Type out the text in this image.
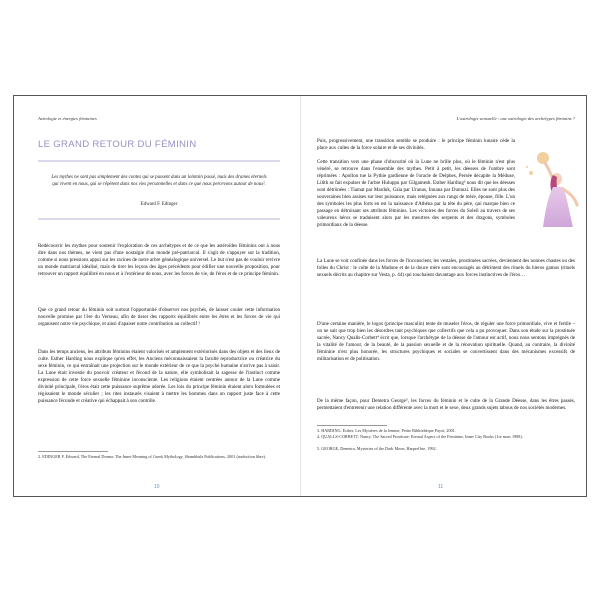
Astrologie et énergies féminines
LE GRAND RETOUR DU FÉMININ
Les mythes ne sont pas simplement des contes qui se passent dans un lointain passé, mais des drames éternels qui vivent en nous, qui se répètent dans nos vies personnelles et dans ce que nous percevons autour de nous².
Edward F. Edinger

Redécouvrir les mythes pour soutenir l'exploration de ces archétypes et de ce que les astéroïdes féminins ont à nous dire dans nos thèmes, ne vient pas d'une nostalgie d'un monde pré-patriarcal. Il s'agit de s'appuyer sur la tradition, comme si nous pressions appui sur les racines de notre arbre généalogique universel. Le but n'est pas de vouloir revivre un monde matriarcal idéalisé, mais de tirer les leçons des âges précédents pour édifier une nouvelle proposition, pour retrouver un rapport équilibré en nous et à l'extérieur de nous, avec les forces de vie, de l'éros et de ce principe féminin.

Que ce grand retour du féminin soit surtout l'opportunité d'observer nos psychés, de laisser couler cette information nouvelle promise par l'ère du Verseau, afin de tisser des rapports équilibrés entre les êtres et les forces de vie qui organisent notre vie psychique, et ainsi d'apaiser notre contribution au collectif !

Dans les temps anciens, les attributs féminins étaient valorisés et amplement extériorisés dans des objets et des lieux de culte. Esther Harding nous explique qu'en effet, les Anciens méconnaissaient la faculté reproductrice ou créatrice du sexe féminin, ce qui entraînait une projection sur le monde extérieur de ce que la psyché humaine n'arrive pas à saisir. La Lune était investie du pouvoir créateur et fécond de la nature, elle symbolisait la sagesse de l'instinct comme expression de cette force sexuelle féminine inconsciente. Les religions étaient centrées autour de la Lune comme divinité principale, l'éros était cette puissance suprême adorée. Les lois du principe féminin étaient alors formulées et régissaient le monde séculier ; les rites instaurés visaient à mettre les hommes dans un rapport juste face à cette puissance féconde et créative qui échappait à son contrôle.

2. EDINGER F. Edward, The Eternal Drama: The Inner Meaning of Greek Mythology, Shambhala Publications, 2001 (traduction libre).

10
L'astrologie sensuelle : une astrologie des archétypes féminins ?

Puis, progressivement, une transition semble se produire : le principe féminin lunaire cède la place aux cultes de la force solaire et de ses divinités.

Cette transition vers une phase d'obscurité où la Lune ne brille plus, où le féminin n'est plus vénéré, se retrouve dans l'ensemble des mythes. Petit à petit, les déesses de l'ombre sont réprimées : Apollon tue la Pythie gardienne de l'oracle de Delphes, Persée décapite la Méduse, Lilith se fait expulser de l'arbre Huluppu par Gilgamesh. Esther Harding³ nous dit que les déesses sont détrônées : Tiamat par Marduk, Gaïa par Uranus, Innana par Dumuzi. Elles ne sont plus des souveraines bien assises sur leur puissance, mais reléguées aux rangs de mère, épouse, fille. L'un des symboles les plus forts en est la naissance d'Athéna par la tête du père, qui marque bien ce passage en détruisant ses attributs féminins. Les victoires des forces du Soleil au travers de ses valeureux héros se traduisent alors par les meurtres des serpents et des dragons, symboles primordiaux de la déesse.

La Lune se voit confinée dans les forces de l'inconscient, les vestales, prostituées sacrées, deviennent des nonnes chastes ou des folles du Christ : le culte de la Madone et de la douce mère sont encouragés au détriment des rituels du hieros gamos (rituels sexuels décrits au chapitre sur Vesta, p. 44) qui touchaient davantage aux forces instinctives de l'éros…

D'une certaine manière, le logos (principe masculin) tente de museler l'éros, de réguler une force primordiale, vive et fertile – on ne sait que trop bien les désordres tant psychiques que collectifs que cela a pu provoquer. Dans son étude sur la prostituée sacrée, Nancy Qualls-Corbett⁴ écrit que, lorsque l'archétype de la déesse de l'amour est actif, nous nous sentons imprégnés de la vitalité de l'amour, de la beauté, de la passion sexuelle et de la rénovation spirituelle. Quand, au contraire, la divinité féminine n'est plus honorée, les structures psychiques et sociales se convertissent dans des mécanismes excessifs de militarisation et de politisation.

De la même façon, pour Demetra George⁵, les forces du féminin et le culte de la Grande Déesse, dans les êtres passés, permettaient d'entretenir une relation différente avec la mort et le sexe, deux grands sujets tabous de nos sociétés modernes.

3. HARDING, Esther, Les Mystères de la femme, Petite Bibliothèque Payot, 2001.

4. QUALLS-CORBETT, Nancy, The Sacred Prostitute: Eternal Aspect of the Feminine, Inner City Books (1re mars 1988).

5. GEORGE, Demetra, Mysteries of the Dark Moon, HarperOne, 1992.

11
